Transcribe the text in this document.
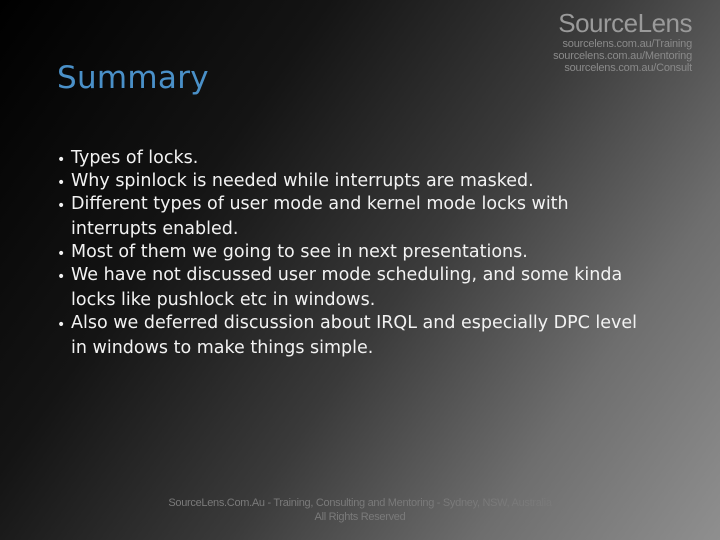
SourceLens
sourcelens.com.au/Training
sourcelens.com.au/Mentoring
sourcelens.com.au/Consult
Summary
• Types of locks.
• Why spinlock is needed while interrupts are masked.
• Different types of user mode and kernel mode locks with interrupts enabled.
• Most of them we going to see in next presentations.
• We have not discussed user mode scheduling, and some kinda locks like pushlock etc in windows.
• Also we deferred discussion about IRQL and especially DPC level in windows to make things simple.
SourceLens.Com.Au - Training, Consulting and Mentoring - Sydney, NSW, Australia
All Rights Reserved
